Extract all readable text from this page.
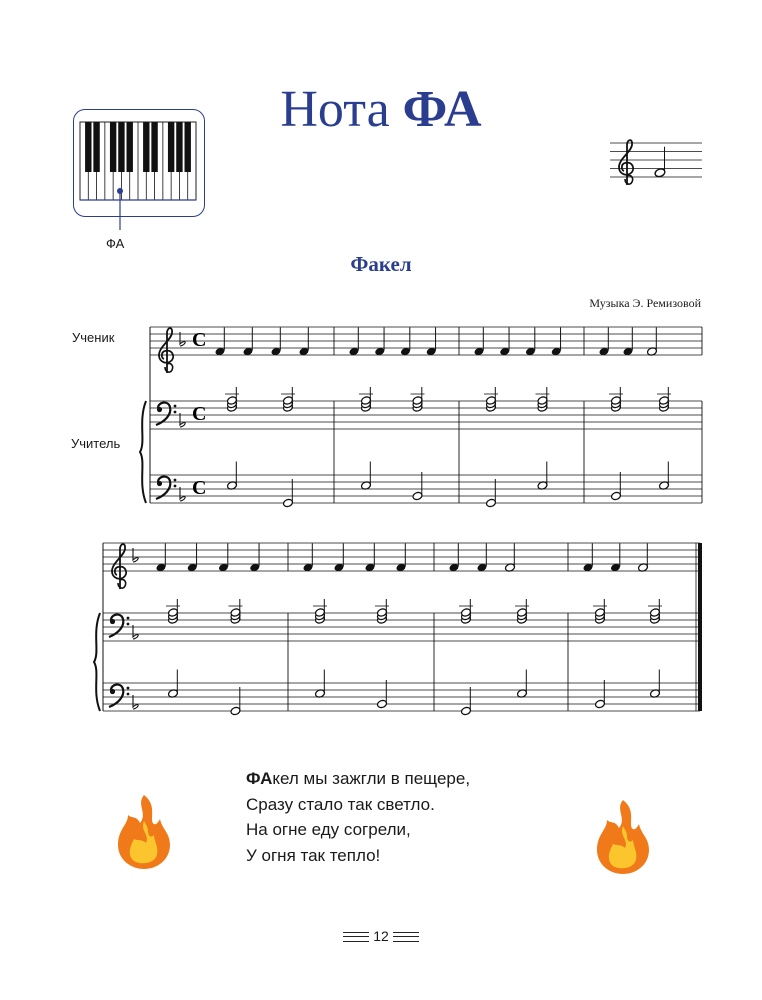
Нота ФА
ФА
Факел
Музыка Э. Ремизовой
Ученик
Учитель
ФАкел мы зажгли в пещере,
Сразу стало так светло.
На огне еду согрели,
У огня так тепло!
12
C
C
C
